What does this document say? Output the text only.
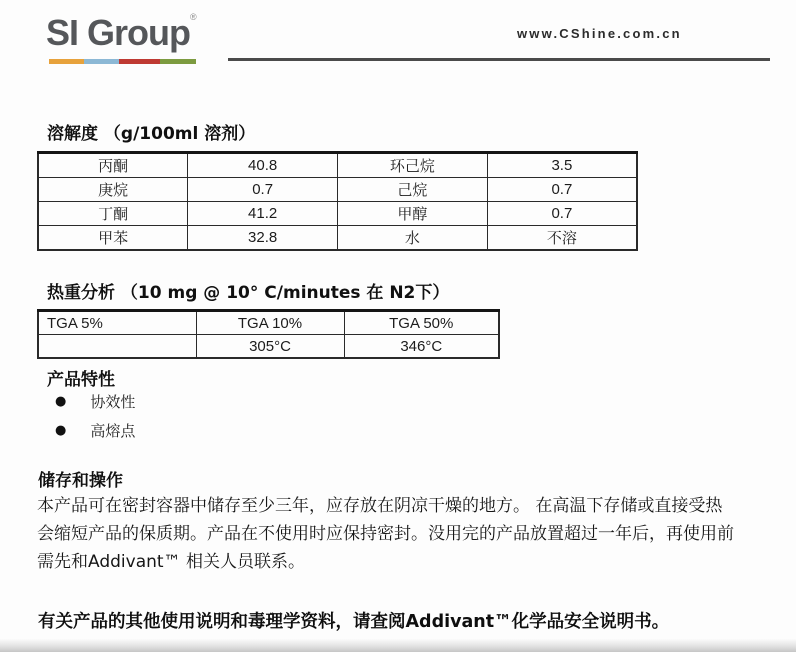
SI Group®
www.CShine.com.cn
溶解度 （g/100ml 溶剂）
丙酮	40.8	环己烷	3.5
庚烷	0.7	己烷	0.7
丁酮	41.2	甲醇	0.7
甲苯	32.8	水	不溶
热重分析 （10 mg @ 10° C/minutes 在 N2下）
TGA 5%	TGA 10%	TGA 50%
	305°C	346°C
产品特性
● 协效性
● 高熔点
储存和操作
本产品可在密封容器中储存至少三年，应存放在阴凉干燥的地方。 在高温下存储或直接受热
会缩短产品的保质期。产品在不使用时应保持密封。没用完的产品放置超过一年后，再使用前
需先和Addivant™ 相关人员联系。
有关产品的其他使用说明和毒理学资料，请查阅Addivant™化学品安全说明书。
